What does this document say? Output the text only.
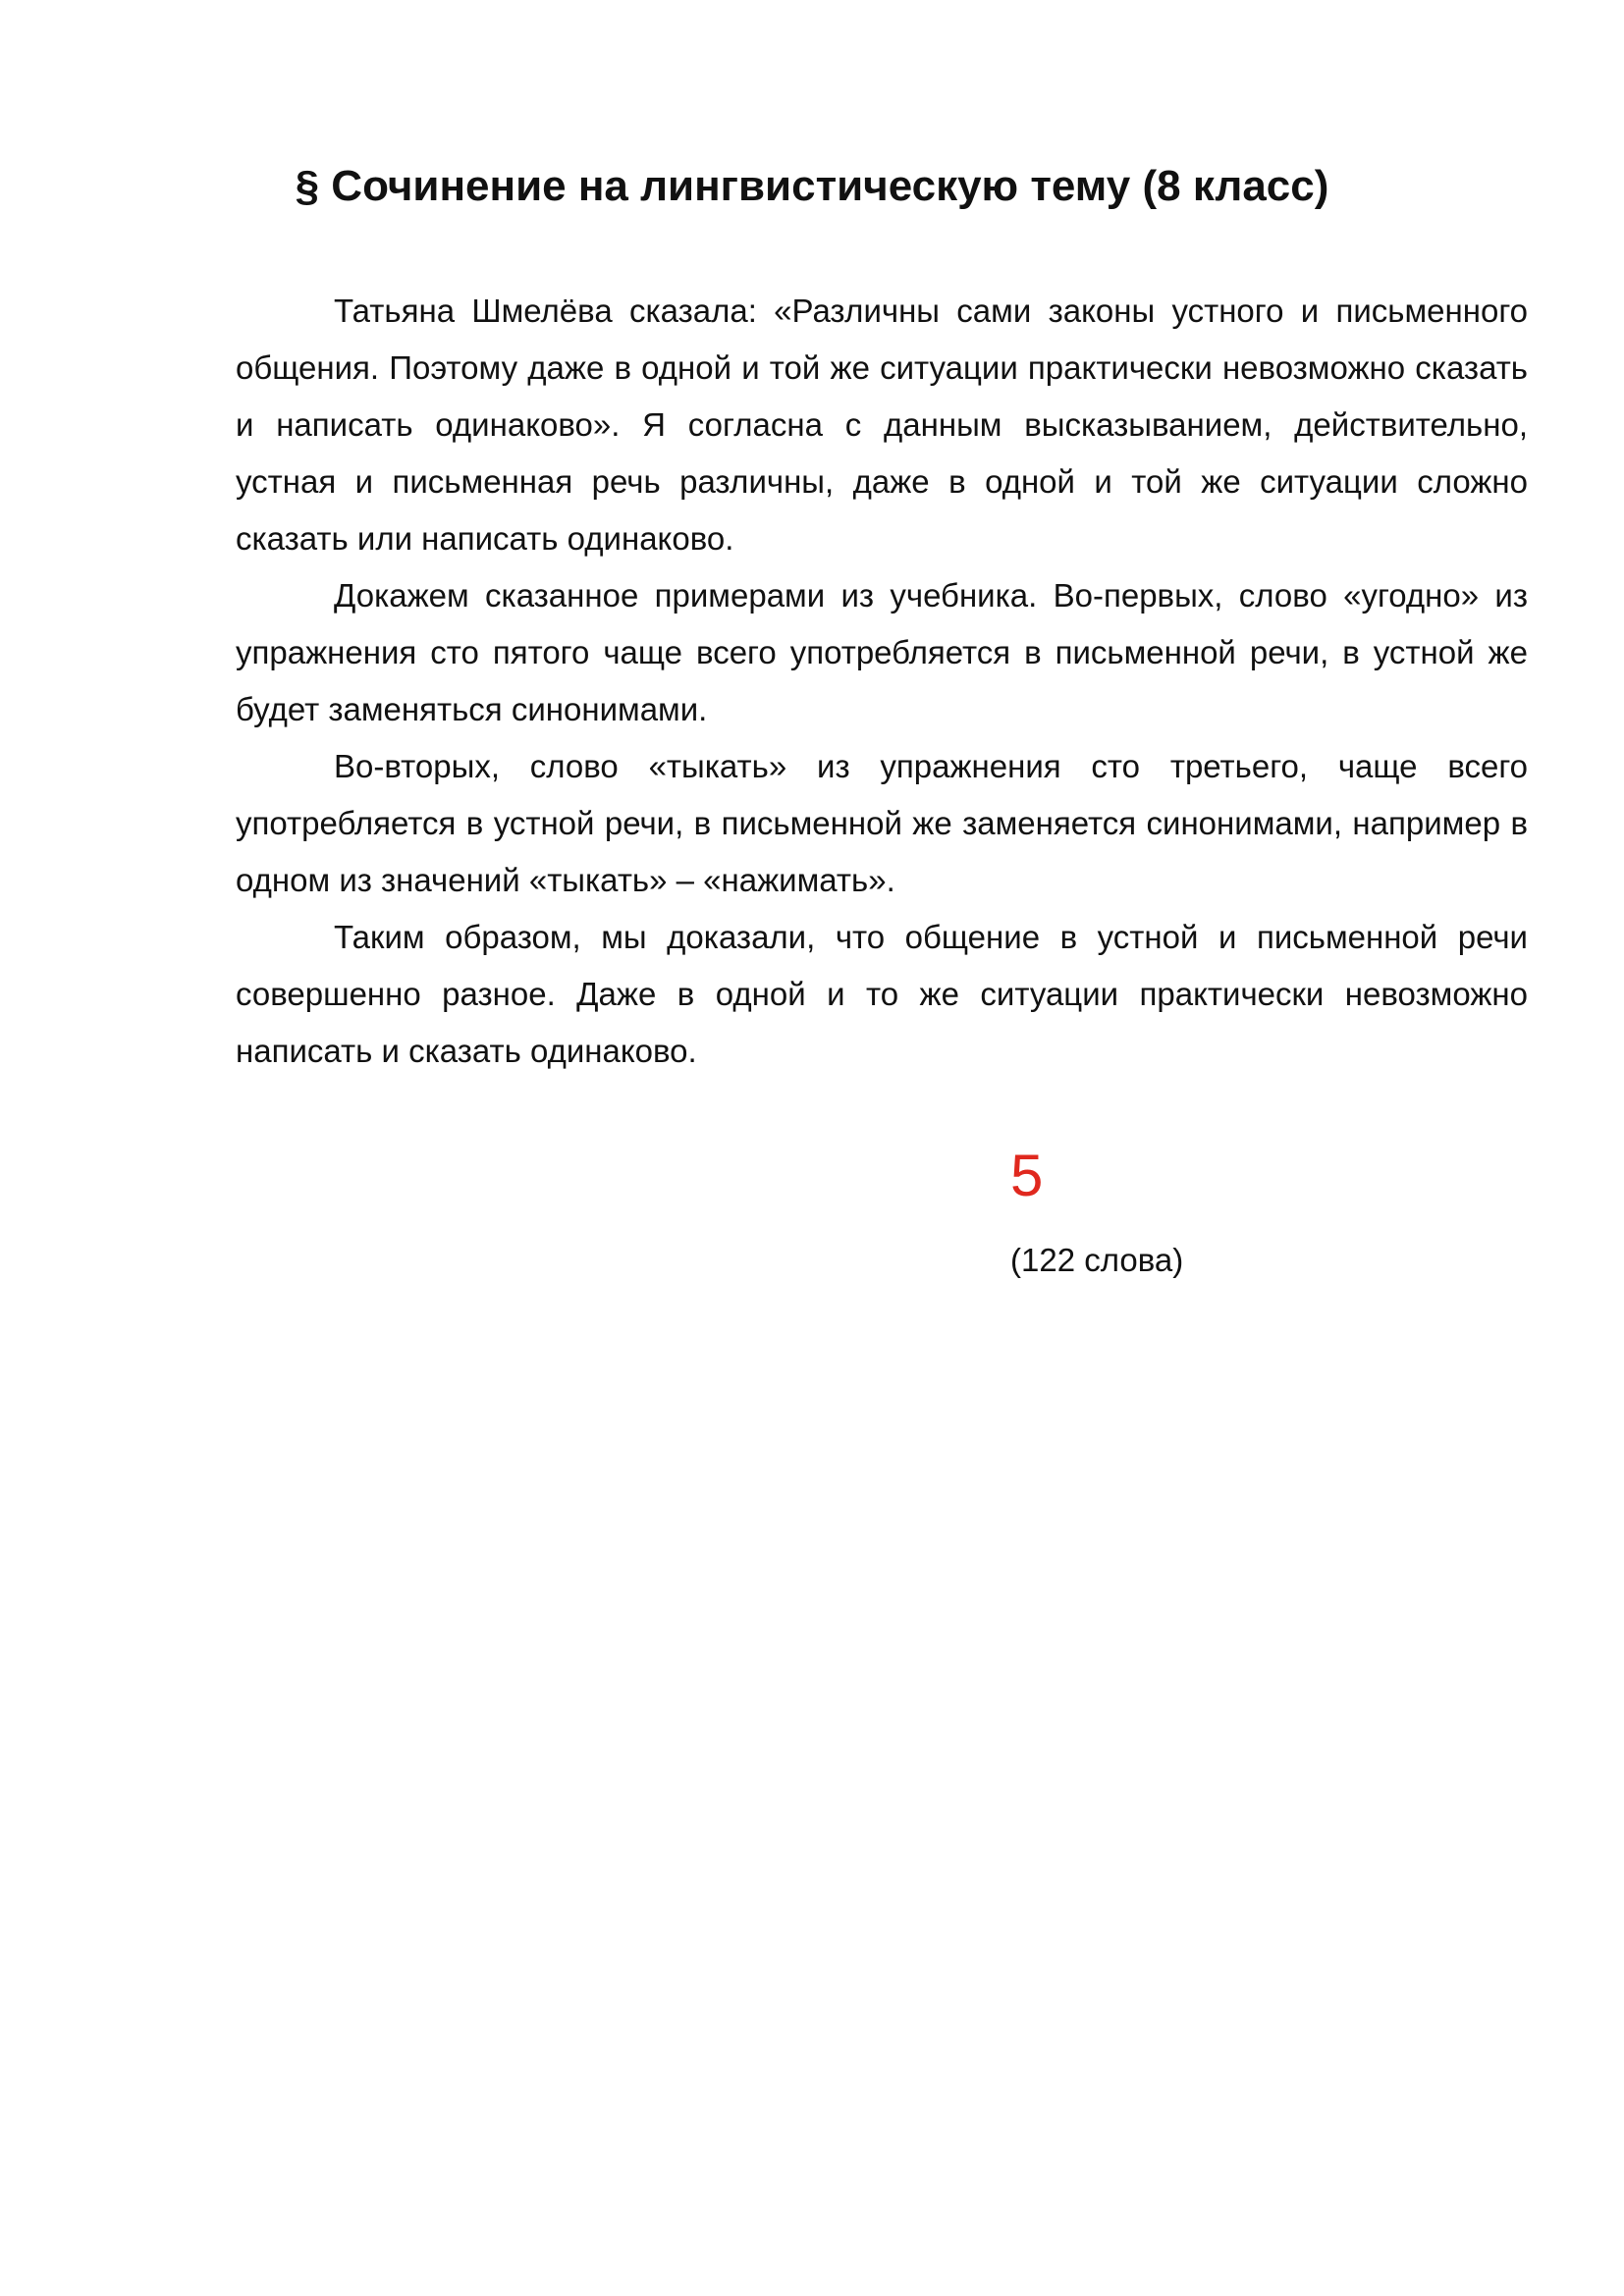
§ Сочинение на лингвистическую тему (8 класс)

Татьяна Шмелёва сказала: «Различны сами законы устного и письменного общения. Поэтому даже в одной и той же ситуации практически невозможно сказать и написать одинаково». Я согласна с данным высказыванием, действительно, устная и письменная речь различны, даже в одной и той же ситуации сложно сказать или написать одинаково.

Докажем сказанное примерами из учебника. Во-первых, слово «угодно» из упражнения сто пятого чаще всего употребляется в письменной речи, в устной же будет заменяться синонимами.

Во-вторых, слово «тыкать» из упражнения сто третьего, чаще всего употребляется в устной речи, в письменной же заменяется синонимами, например в одном из значений «тыкать» – «нажимать».

Таким образом, мы доказали, что общение в устной и письменной речи совершенно разное. Даже в одной и то же ситуации практически невозможно написать и сказать одинаково.

5
(122 слова)
